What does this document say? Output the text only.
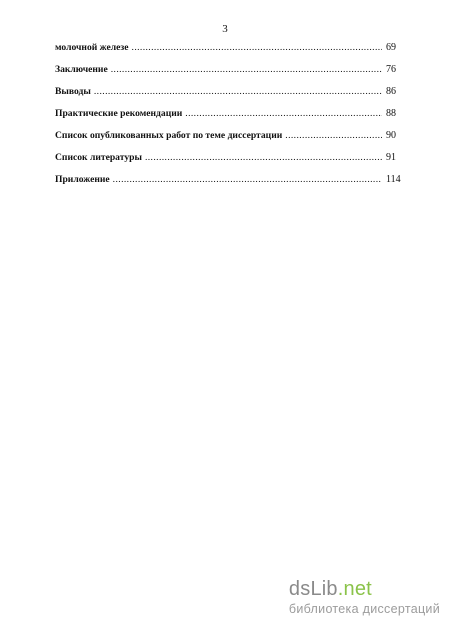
3
молочной железе .....	69
Заключение .....	76
Выводы .....	86
Практические рекомендации .....	88
Список опубликованных работ по теме диссертации .....	90
Список литературы .....	91
Приложение .....	114
dsLib.net
библиотека диссертаций
